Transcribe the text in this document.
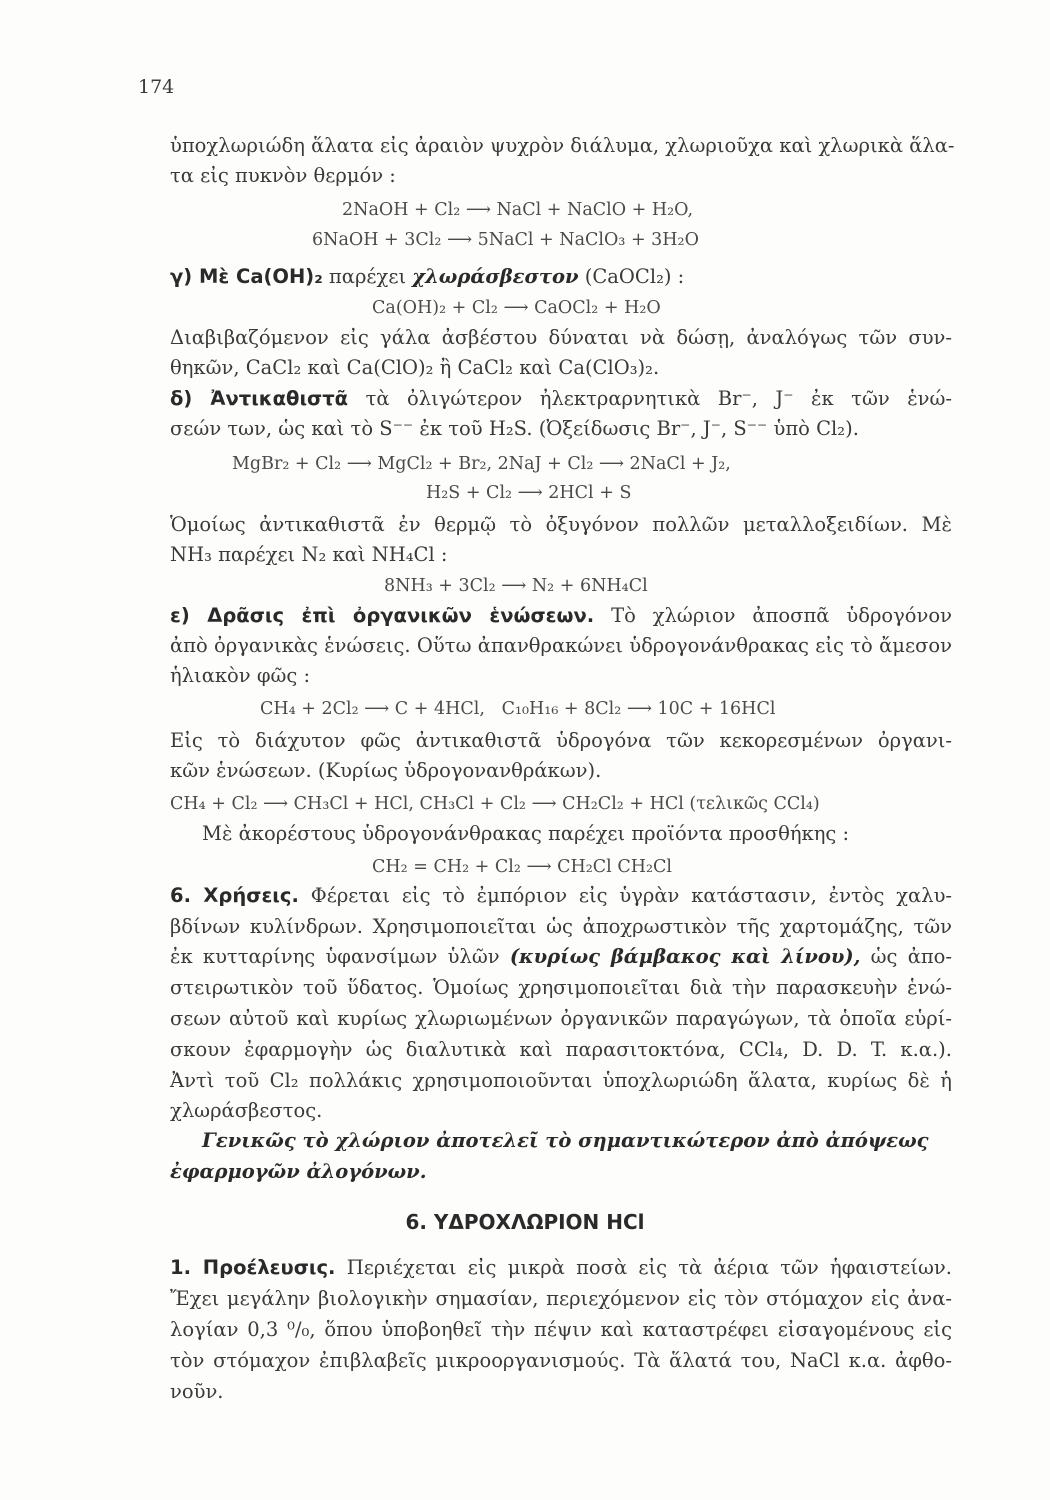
174
ὑποχλωριώδη ἅλατα εἰς ἀραιὸν ψυχρὸν διάλυμα, χλωριοῦχα καὶ χλωρικὰ ἅλα-
τα εἰς πυκνὸν θερμόν :
2NaOH + Cl₂ ⟶ NaCl + NaClO + H₂O,
6NaOH + 3Cl₂ ⟶ 5NaCl + NaClO₃ + 3H₂O
γ) Μὲ Ca(OH)₂ παρέχει χλωράσβεστον (CaOCl₂) :
Ca(OH)₂ + Cl₂ ⟶ CaOCl₂ + H₂O
Διαβιβαζόμενον εἰς γάλα ἀσβέστου δύναται νὰ δώσῃ, ἀναλόγως τῶν συν-
θηκῶν, CaCl₂ καὶ Ca(ClO)₂ ἢ CaCl₂ καὶ Ca(ClO₃)₂.
δ) Ἀντικαθιστᾶ τὰ ὀλιγώτερον ἠλεκτραρνητικὰ Br⁻, J⁻ ἐκ τῶν ἑνώ-
σεών των, ὡς καὶ τὸ S⁻⁻ ἐκ τοῦ H₂S. (Ὀξείδωσις Br⁻, J⁻, S⁻⁻ ὑπὸ Cl₂).
MgBr₂ + Cl₂ ⟶ MgCl₂ + Br₂, 2NaJ + Cl₂ ⟶ 2NaCl + J₂,
H₂S + Cl₂ ⟶ 2HCl + S
Ὁμοίως ἀντικαθιστᾶ ἐν θερμῷ τὸ ὀξυγόνον πολλῶν μεταλλοξειδίων. Μὲ
NH₃ παρέχει N₂ καὶ NH₄Cl :
8NH₃ + 3Cl₂ ⟶ N₂ + 6NH₄Cl
ε) Δρᾶσις ἐπὶ ὀργανικῶν ἑνώσεων. Τὸ χλώριον ἀποσπᾶ ὑδρογόνον
ἀπὸ ὀργανικὰς ἑνώσεις. Οὕτω ἀπανθρακώνει ὑδρογονάνθρακας εἰς τὸ ἄμεσον
ἡλιακὸν φῶς :
CH₄ + 2Cl₂ ⟶ C + 4HCl,   C₁₀H₁₆ + 8Cl₂ ⟶ 10C + 16HCl
Εἰς τὸ διάχυτον φῶς ἀντικαθιστᾶ ὑδρογόνα τῶν κεκορεσμένων ὀργανι-
κῶν ἑνώσεων. (Κυρίως ὑδρογονανθράκων).
CH₄ + Cl₂ ⟶ CH₃Cl + HCl, CH₃Cl + Cl₂ ⟶ CH₂Cl₂ + HCl (τελικῶς CCl₄)
Μὲ ἀκορέστους ὑδρογονάνθρακας παρέχει προϊόντα προσθήκης :
CH₂ = CH₂ + Cl₂ ⟶ CH₂Cl CH₂Cl
6. Χρήσεις. Φέρεται εἰς τὸ ἐμπόριον εἰς ὑγρὰν κατάστασιν, ἐντὸς χαλυ-
βδίνων κυλίνδρων. Χρησιμοποιεῖται ὡς ἀποχρωστικὸν τῆς χαρτομάζης, τῶν
ἐκ κυτταρίνης ὑφανσίμων ὑλῶν (κυρίως βάμβακος καὶ λίνου), ὡς ἀπο-
στειρωτικὸν τοῦ ὕδατος. Ὁμοίως χρησιμοποιεῖται διὰ τὴν παρασκευὴν ἑνώ-
σεων αὐτοῦ καὶ κυρίως χλωριωμένων ὀργανικῶν παραγώγων, τὰ ὁποῖα εὑρί-
σκουν ἐφαρμογὴν ὡς διαλυτικὰ καὶ παρασιτοκτόνα, CCl₄, D. D. T. κ.α.).
Ἀντὶ τοῦ Cl₂ πολλάκις χρησιμοποιοῦνται ὑποχλωριώδη ἅλατα, κυρίως δὲ ἡ
χλωράσβεστος.
Γενικῶς τὸ χλώριον ἀποτελεῖ τὸ σημαντικώτερον ἀπὸ ἀπόψεως
ἐφαρμογῶν ἀλογόνων.
6. ΥΔΡΟΧΛΩΡΙΟΝ HCl
1. Προέλευσις. Περιέχεται εἰς μικρὰ ποσὰ εἰς τὰ ἀέρια τῶν ἡφαιστείων.
Ἔχει μεγάλην βιολογικὴν σημασίαν, περιεχόμενον εἰς τὸν στόμαχον εἰς ἀνα-
λογίαν 0,3 ⁰/₀, ὅπου ὑποβοηθεῖ τὴν πέψιν καὶ καταστρέφει εἰσαγομένους εἰς
τὸν στόμαχον ἐπιβλαβεῖς μικροοργανισμούς. Τὰ ἅλατά του, NaCl κ.α. ἀφθο-
νοῦν.
